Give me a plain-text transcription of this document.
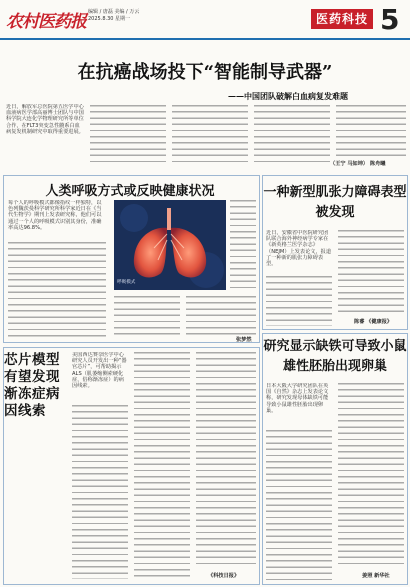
农村医药报 编辑 / 唐磊 美编 / 万云
2025.8.30 星期一	医药科技 5
在抗癌战场投下“智能制导武器”
——中国团队破解白血病复发难题
近日，解放军总医院第五医学中心血液病医学部高丽博士团队与中国科学院大连化学物理研究所等单位合作，在FLT3突变急性髓系白血病复发机制研究中取得重要进展。
（王宁 马如坤） 陈舟曦
人类呼吸方式或反映健康状况
每个人的呼吸模式都像指纹一样独特，以色列魏茨曼科学研究所科学家近日在《当代生物学》期刊上发表研究称，他们可以通过一个人的呼吸模式识别其身份，准确率高达96.8%。
呼吸模式
张梦然
一种新型肌张力障碍表型被发现
近日，安徽省中医院研究团队联合海外神经病学专家在《新英格兰医学杂志》（NEJM）上发表论文，报道了一种新的肌张力障碍表型。
陈睿 《健康报》
芯片模型有望发现渐冻症病因线索
美国西达赛奈医学中心研究人员开发出一种“器官芯片”，可帮助揭示ALS（肌萎缩侧索硬化症，俗称渐冻症）的病因线索。
《科技日报》
研究显示缺铁可导致小鼠雄性胚胎出现卵巢
日本大阪大学研究团队在英国《自然》杂志上发表论文称，研究发现母体缺铁可能导致小鼠雄性胚胎出现卵巢。
姜照 新华社
